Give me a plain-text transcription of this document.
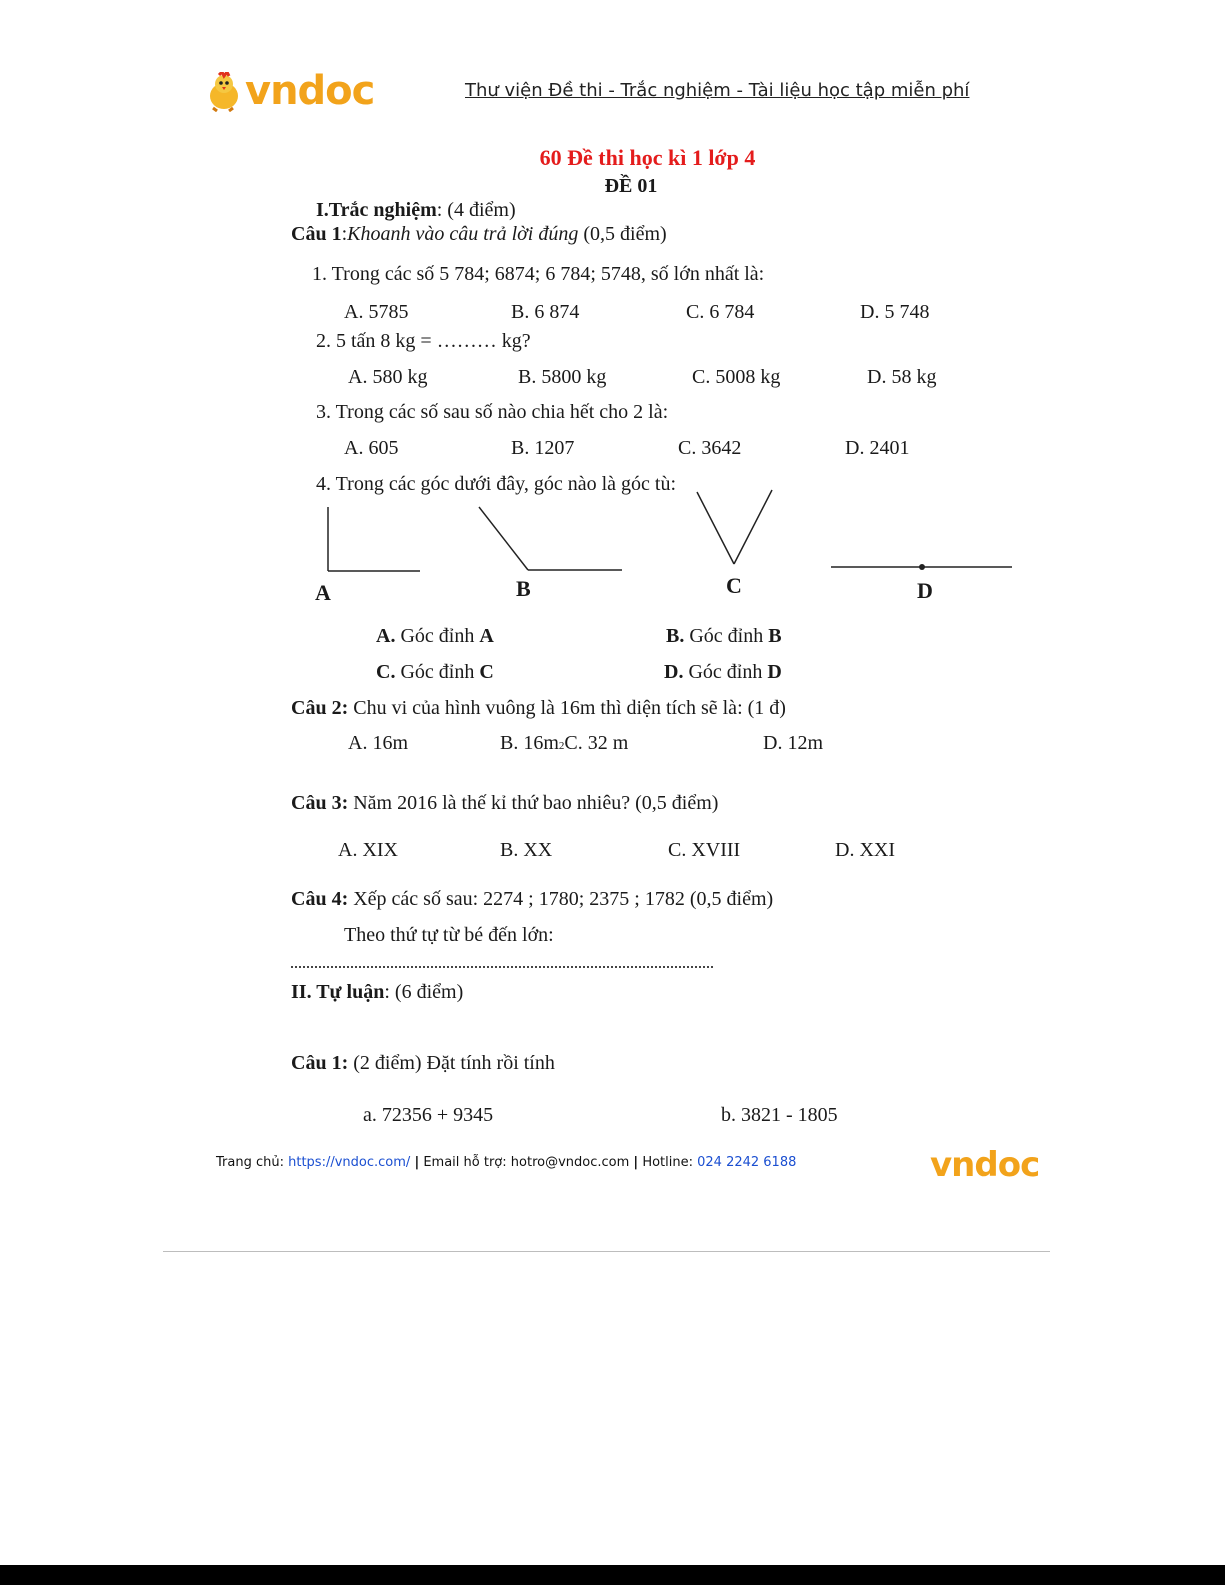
vndoc	Thư viện Đề thi - Trắc nghiệm - Tài liệu học tập miễn phí
60 Đề thi học kì 1 lớp 4
ĐỀ 01
I.Trắc nghiệm: (4 điểm)
Câu 1:Khoanh vào câu trả lời đúng (0,5 điểm)
1. Trong các số 5 784; 6874; 6 784; 5748, số lớn nhất là:
A. 5785	B. 6 874	C. 6 784	D. 5 748
2. 5 tấn 8 kg = ……… kg?
A. 580 kg	B. 5800 kg	C. 5008 kg	D. 58 kg
3. Trong các số sau số nào chia hết cho 2 là:
A. 605	B. 1207	C. 3642	D. 2401
4. Trong các góc dưới đây, góc nào là góc tù:
A	B	C	D
A. Góc đỉnh A	B. Góc đỉnh B
C. Góc đỉnh C	D. Góc đỉnh D
Câu 2: Chu vi của hình vuông là 16m thì diện tích sẽ là: (1 đ)
A. 16m	B. 16m2C. 32 m	D. 12m
Câu 3: Năm 2016 là thế kỉ thứ bao nhiêu? (0,5 điểm)
A. XIX	B. XX	C. XVIII	D. XXI
Câu 4: Xếp các số sau: 2274 ; 1780; 2375 ; 1782 (0,5 điểm)
Theo thứ tự từ bé đến lớn:
II. Tự luận: (6 điểm)
Câu 1: (2 điểm) Đặt tính rồi tính
a. 72356 + 9345	b. 3821 - 1805
Trang chủ: https://vndoc.com/ | Email hỗ trợ: hotro@vndoc.com | Hotline: 024 2242 6188	vndoc
